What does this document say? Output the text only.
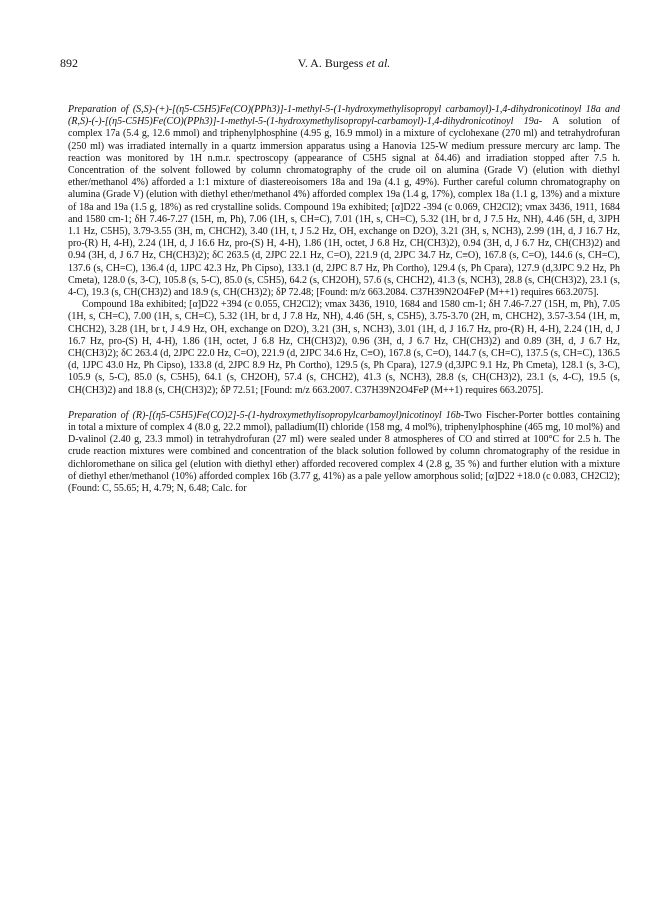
892	V. A. Burgess et al.

Preparation of (S,S)-(+)-[(η5-C5H5)Fe(CO)(PPh3)]-1-methyl-5-(1-hydroxymethylisopropyl carbamoyl)-1,4-dihydronicotinoyl 18a and (R,S)-(-)-[(η5-C5H5)Fe(CO)(PPh3)]-1-methyl-5-(1-hydroxymethylisopropyl-carbamoyl)-1,4-dihydronicotinoyl 19a- A solution of complex 17a (5.4 g, 12.6 mmol) and triphenylphosphine (4.95 g, 16.9 mmol) in a mixture of cyclohexane (270 ml) and tetrahydrofuran (250 ml) was irradiated internally in a quartz immersion apparatus using a Hanovia 125-W medium pressure mercury arc lamp. The reaction was monitored by 1H n.m.r. spectroscopy (appearance of C5H5 signal at δ4.46) and irradiation stopped after 7.5 h. Concentration of the solvent followed by column chromatography of the crude oil on alumina (Grade V) (elution with diethyl ether/methanol 4%) afforded a 1:1 mixture of diastereoisomers 18a and 19a (4.1 g, 49%). Further careful column chromatography on alumina (Grade V) (elution with diethyl ether/methanol 4%) afforded complex 19a (1.4 g, 17%), complex 18a (1.1 g, 13%) and a mixture of 18a and 19a (1.5 g, 18%) as red crystalline solids. Compound 19a exhibited; [α]D22 -394 (c 0.069, CH2Cl2); νmax 3436, 1911, 1684 and 1580 cm-1; δH 7.46-7.27 (15H, m, Ph), 7.06 (1H, s, CH=C), 7.01 (1H, s, CH=C), 5.32 (1H, br d, J 7.5 Hz, NH), 4.46 (5H, d, 3JPH 1.1 Hz, C5H5), 3.79-3.55 (3H, m, CHCH2), 3.40 (1H, t, J 5.2 Hz, OH, exchange on D2O), 3.21 (3H, s, NCH3), 2.99 (1H, d, J 16.7 Hz, pro-(R) H, 4-H), 2.24 (1H, d, J 16.6 Hz, pro-(S) H, 4-H), 1.86 (1H, octet, J 6.8 Hz, CH(CH3)2), 0.94 (3H, d, J 6.7 Hz, CH(CH3)2) and 0.94 (3H, d, J 6.7 Hz, CH(CH3)2); δC 263.5 (d, 2JPC 22.1 Hz, C=O), 221.9 (d, 2JPC 34.7 Hz, C≡O), 167.8 (s, C=O), 144.6 (s, CH=C), 137.6 (s, CH=C), 136.4 (d, 1JPC 42.3 Hz, Ph Cipso), 133.1 (d, 2JPC 8.7 Hz, Ph Cortho), 129.4 (s, Ph Cpara), 127.9 (d,3JPC 9.2 Hz, Ph Cmeta), 128.0 (s, 3-C), 105.8 (s, 5-C), 85.0 (s, C5H5), 64.2 (s, CH2OH), 57.6 (s, CHCH2), 41.3 (s, NCH3), 28.8 (s, CH(CH3)2), 23.1 (s, 4-C), 19.3 (s, CH(CH3)2) and 18.9 (s, CH(CH3)2); δP 72.48; [Found: m/z 663.2084. C37H39N2O4FeP (M++1) requires 663.2075].

Compound 18a exhibited; [α]D22 +394 (c 0.055, CH2Cl2); νmax 3436, 1910, 1684 and 1580 cm-1; δH 7.46-7.27 (15H, m, Ph), 7.05 (1H, s, CH=C), 7.00 (1H, s, CH=C), 5.32 (1H, br d, J 7.8 Hz, NH), 4.46 (5H, s, C5H5), 3.75-3.70 (2H, m, CHCH2), 3.57-3.54 (1H, m, CHCH2), 3.28 (1H, br t, J 4.9 Hz, OH, exchange on D2O), 3.21 (3H, s, NCH3), 3.01 (1H, d, J 16.7 Hz, pro-(R) H, 4-H), 2.24 (1H, d, J 16.7 Hz, pro-(S) H, 4-H), 1.86 (1H, octet, J 6.8 Hz, CH(CH3)2), 0.96 (3H, d, J 6.7 Hz, CH(CH3)2) and 0.89 (3H, d, J 6.7 Hz, CH(CH3)2); δC 263.4 (d, 2JPC 22.0 Hz, C=O), 221.9 (d, 2JPC 34.6 Hz, C≡O), 167.8 (s, C=O), 144.7 (s, CH=C), 137.5 (s, CH=C), 136.5 (d, 1JPC 43.0 Hz, Ph Cipso), 133.8 (d, 2JPC 8.9 Hz, Ph Cortho), 129.5 (s, Ph Cpara), 127.9 (d,3JPC 9.1 Hz, Ph Cmeta), 128.1 (s, 3-C), 105.9 (s, 5-C), 85.0 (s, C5H5), 64.1 (s, CH2OH), 57.4 (s, CHCH2), 41.3 (s, NCH3), 28.8 (s, CH(CH3)2), 23.1 (s, 4-C), 19.5 (s, CH(CH3)2) and 18.8 (s, CH(CH3)2); δP 72.51; [Found: m/z 663.2007. C37H39N2O4FeP (M++1) requires 663.2075].

Preparation of (R)-[(η5-C5H5)Fe(CO)2]-5-(1-hydroxymethylisopropylcarbamoyl)nicotinoyl 16b-Two Fischer-Porter bottles containing in total a mixture of complex 4 (8.0 g, 22.2 mmol), palladium(II) chloride (158 mg, 4 mol%), triphenylphosphine (465 mg, 10 mol%) and D-valinol (2.40 g, 23.3 mmol) in tetrahydrofuran (27 ml) were sealed under 8 atmospheres of CO and stirred at 100°C for 2.5 h. The crude reaction mixtures were combined and concentration of the black solution followed by column chromatography of the residue in dichloromethane on silica gel (elution with diethyl ether) afforded recovered complex 4 (2.8 g, 35 %) and further elution with a mixture of diethyl ether/methanol (10%) afforded complex 16b (3.77 g, 41%) as a pale yellow amorphous solid; [α]D22 +18.0 (c 0.083, CH2Cl2); (Found: C, 55.65; H, 4.79; N, 6.48; Calc. for
